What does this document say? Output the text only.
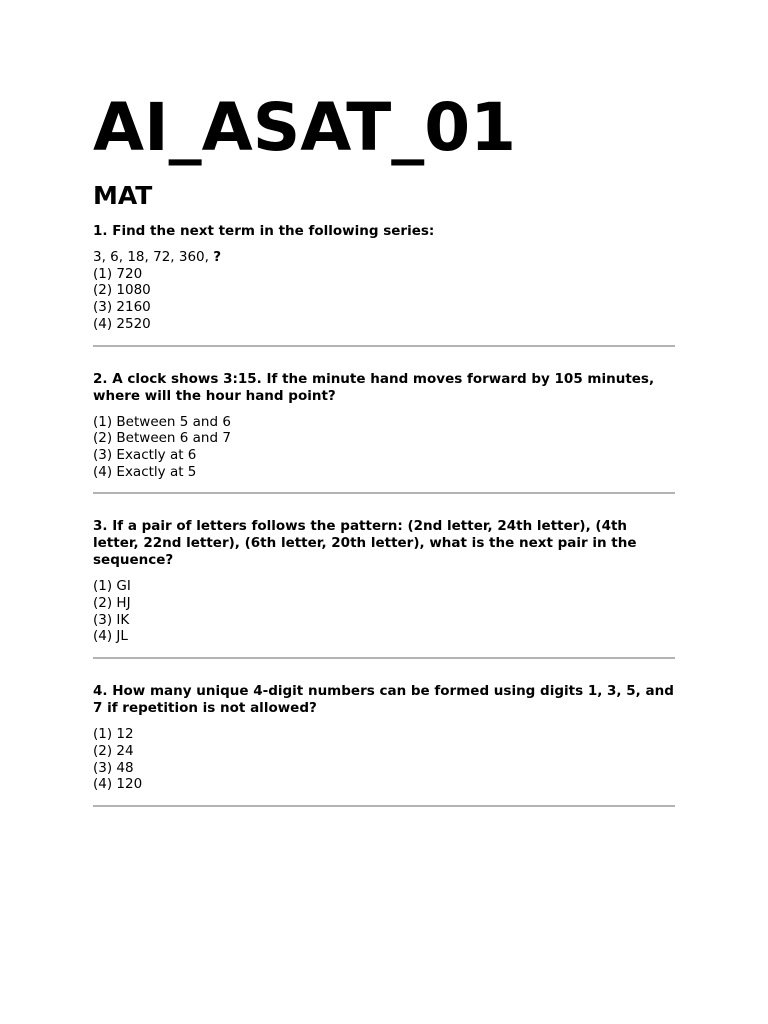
AI_ASAT_01
MAT

1. Find the next term in the following series:

3, 6, 18, 72, 360, ?
(1) 720
(2) 1080
(3) 2160
(4) 2520

2. A clock shows 3:15. If the minute hand moves forward by 105 minutes, where will the hour hand point?

(1) Between 5 and 6
(2) Between 6 and 7
(3) Exactly at 6
(4) Exactly at 5

3. If a pair of letters follows the pattern: (2nd letter, 24th letter), (4th letter, 22nd letter), (6th letter, 20th letter), what is the next pair in the sequence?

(1) GI
(2) HJ
(3) IK
(4) JL

4. How many unique 4-digit numbers can be formed using digits 1, 3, 5, and 7 if repetition is not allowed?

(1) 12
(2) 24
(3) 48
(4) 120
